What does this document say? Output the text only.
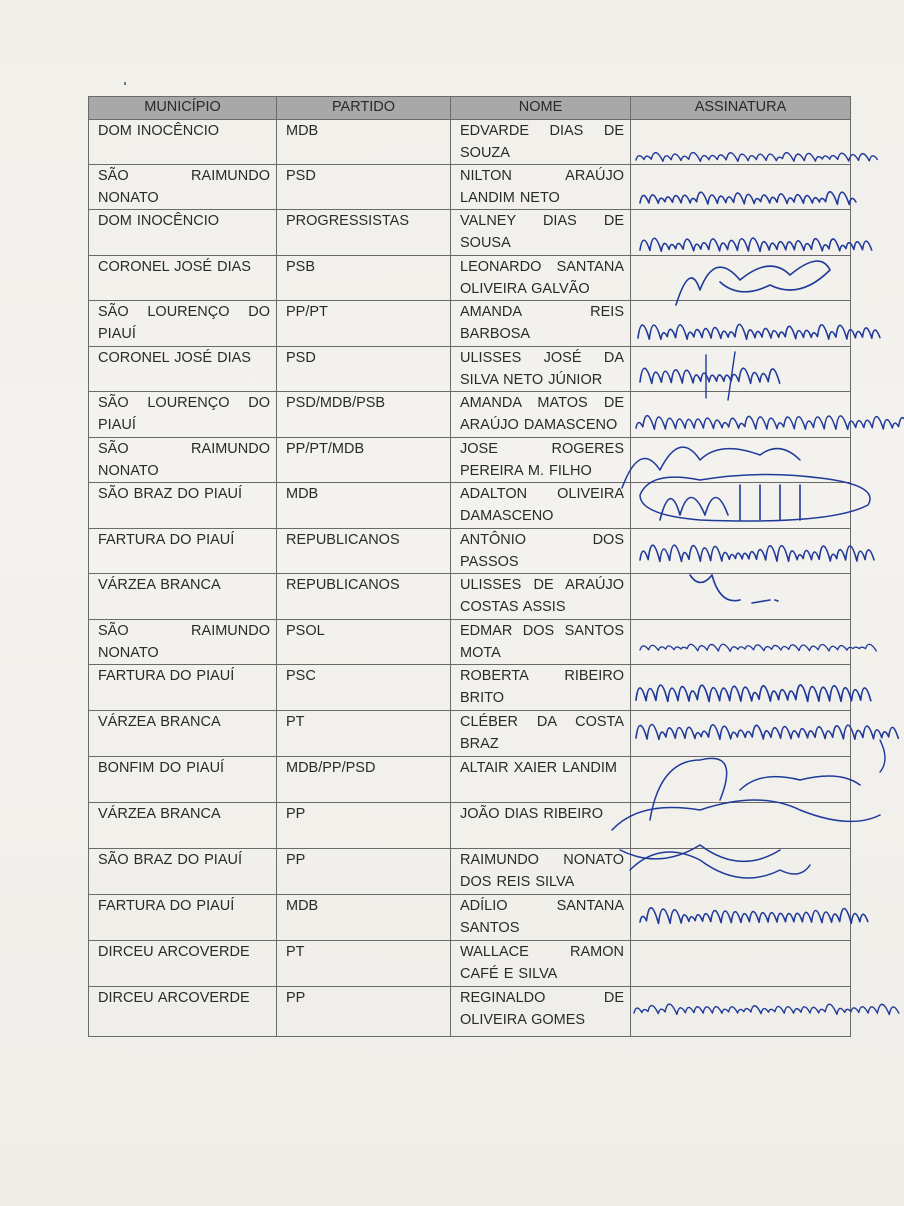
MUNICÍPIO	PARTIDO	NOME	ASSINATURA
DOM INOCÊNCIO	MDB	EDVARDE DIAS DE SOUZA	
SÃO RAIMUNDO NONATO	PSD	NILTON ARAÚJO LANDIM NETO	
DOM INOCÊNCIO	PROGRESSISTAS	VALNEY DIAS DE SOUSA	
CORONEL JOSÉ DIAS	PSB	LEONARDO SANTANA OLIVEIRA GALVÃO	
SÃO LOURENÇO DO PIAUÍ	PP/PT	AMANDA REIS BARBOSA	
CORONEL JOSÉ DIAS	PSD	ULISSES JOSÉ DA SILVA NETO JÚNIOR	
SÃO LOURENÇO DO PIAUÍ	PSD/MDB/PSB	AMANDA MATOS DE ARAÚJO DAMASCENO	
SÃO RAIMUNDO NONATO	PP/PT/MDB	JOSE ROGERES PEREIRA M. FILHO	
SÃO BRAZ DO PIAUÍ	MDB	ADALTON OLIVEIRA DAMASCENO	
FARTURA DO PIAUÍ	REPUBLICANOS	ANTÔNIO DOS PASSOS	
VÁRZEA BRANCA	REPUBLICANOS	ULISSES DE ARAÚJO COSTAS ASSIS	
SÃO RAIMUNDO NONATO	PSOL	EDMAR DOS SANTOS MOTA	
FARTURA DO PIAUÍ	PSC	ROBERTA RIBEIRO BRITO	
VÁRZEA BRANCA	PT	CLÉBER DA COSTA BRAZ	
BONFIM DO PIAUÍ	MDB/PP/PSD	ALTAIR XAIER LANDIM	
VÁRZEA BRANCA	PP	JOÃO DIAS RIBEIRO	
SÃO BRAZ DO PIAUÍ	PP	RAIMUNDO NONATO DOS REIS SILVA	
FARTURA DO PIAUÍ	MDB	ADÍLIO SANTANA SANTOS	
DIRCEU ARCOVERDE	PT	WALLACE RAMON CAFÉ E SILVA	
DIRCEU ARCOVERDE	PP	REGINALDO DE OLIVEIRA GOMES	
